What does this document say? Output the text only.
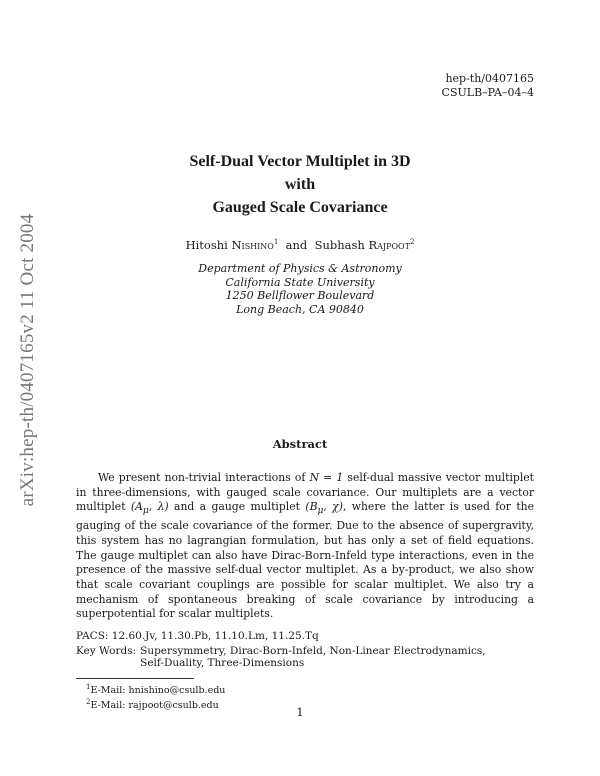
arXiv:hep-th/0407165v2 11 Oct 2004
hep-th/0407165
CSULB–PA–04–4
Self-Dual Vector Multiplet in 3D
with
Gauged Scale Covariance
Hitoshi Nishino$^1$ and Subhash Rajpoot$^2$
Department of Physics & Astronomy
California State University
1250 Bellflower Boulevard
Long Beach, CA 90840
Abstract
We present non-trivial interactions of N = 1 self-dual massive vector multiplet in three-dimensions, with gauged scale covariance. Our multiplets are a vector multiplet ($A_\mu$, λ) and a gauge multiplet ($B_\mu$, χ), where the latter is used for the gauging of the scale covariance of the former. Due to the absence of supergravity, this system has no lagrangian formulation, but has only a set of field equations. The gauge multiplet can also have Dirac-Born-Infeld type interactions, even in the presence of the massive self-dual vector multiplet. As a by-product, we also show that scale covariant couplings are possible for scalar multiplet. We also try a mechanism of spontaneous breaking of scale covariance by introducing a superpotential for scalar multiplets.
PACS: 12.60.Jv, 11.30.Pb, 11.10.Lm, 11.25.Tq
Key Words: Supersymmetry, Dirac-Born-Infeld, Non-Linear Electrodynamics,
Self-Duality, Three-Dimensions
$^1$E-Mail: hnishino@csulb.edu
$^2$E-Mail: rajpoot@csulb.edu	1
